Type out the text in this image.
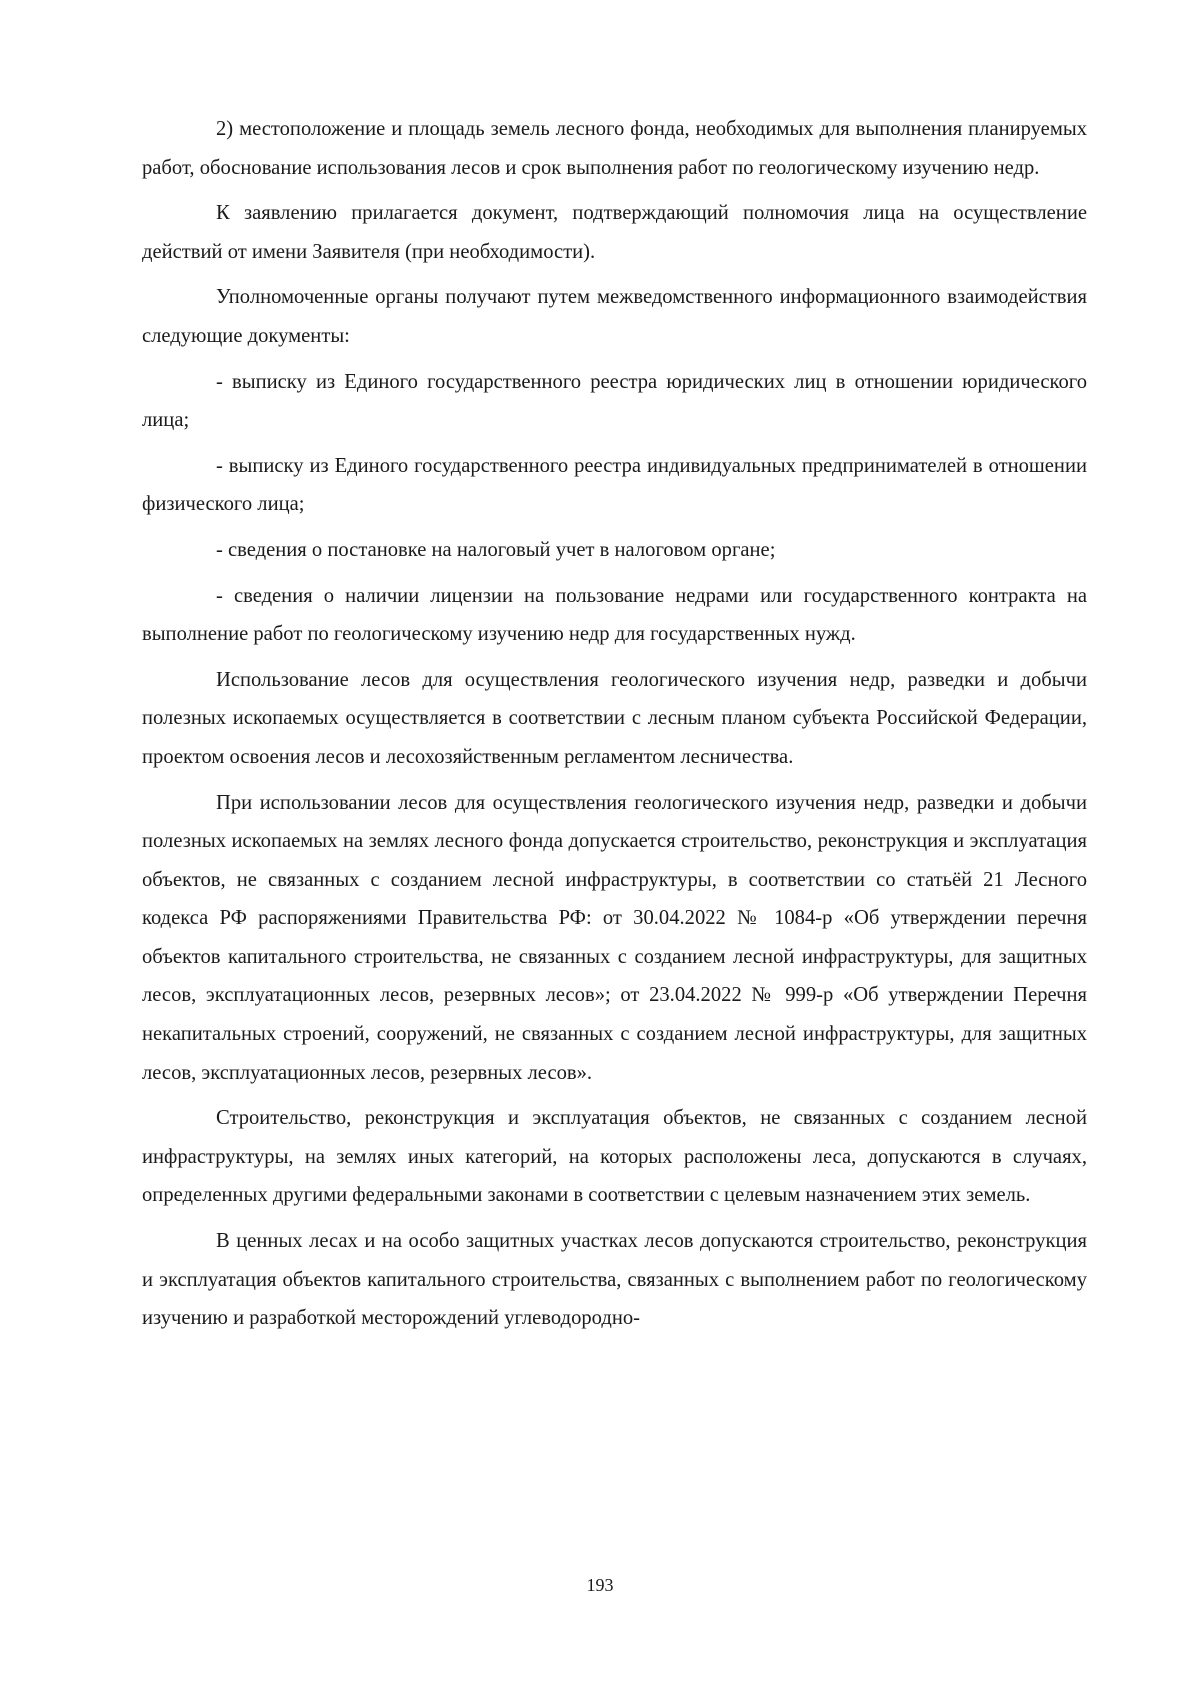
2) местоположение и площадь земель лесного фонда, необходимых для выполнения планируемых работ, обоснование использования лесов и срок выполнения работ по геологическому изучению недр.

К заявлению прилагается документ, подтверждающий полномочия лица на осуществление действий от имени Заявителя (при необходимости).

Уполномоченные органы получают путем межведомственного информационного взаимодействия следующие документы:

- выписку из Единого государственного реестра юридических лиц в отношении юридического лица;

- выписку из Единого государственного реестра индивидуальных предпринимателей в отношении физического лица;

- сведения о постановке на налоговый учет в налоговом органе;

- сведения о наличии лицензии на пользование недрами или государственного контракта на выполнение работ по геологическому изучению недр для государственных нужд.

Использование лесов для осуществления геологического изучения недр, разведки и добычи полезных ископаемых осуществляется в соответствии с лесным планом субъекта Российской Федерации, проектом освоения лесов и лесохозяйственным регламентом лесничества.

При использовании лесов для осуществления геологического изучения недр, разведки и добычи полезных ископаемых на землях лесного фонда допускается строительство, реконструкция и эксплуатация объектов, не связанных с созданием лесной инфраструктуры, в соответствии со статьёй 21 Лесного кодекса РФ распоряжениями Правительства РФ: от 30.04.2022 № 1084-р «Об утверждении перечня объектов капитального строительства, не связанных с созданием лесной инфраструктуры, для защитных лесов, эксплуатационных лесов, резервных лесов»; от 23.04.2022 № 999-р «Об утверждении Перечня некапитальных строений, сооружений, не связанных с созданием лесной инфраструктуры, для защитных лесов, эксплуатационных лесов, резервных лесов».

Строительство, реконструкция и эксплуатация объектов, не связанных с созданием лесной инфраструктуры, на землях иных категорий, на которых расположены леса, допускаются в случаях, определенных другими федеральными законами в соответствии с целевым назначением этих земель.

В ценных лесах и на особо защитных участках лесов допускаются строительство, реконструкция и эксплуатация объектов капитального строительства, связанных с выполнением работ по геологическому изучению и разработкой месторождений углеводородно-

193
